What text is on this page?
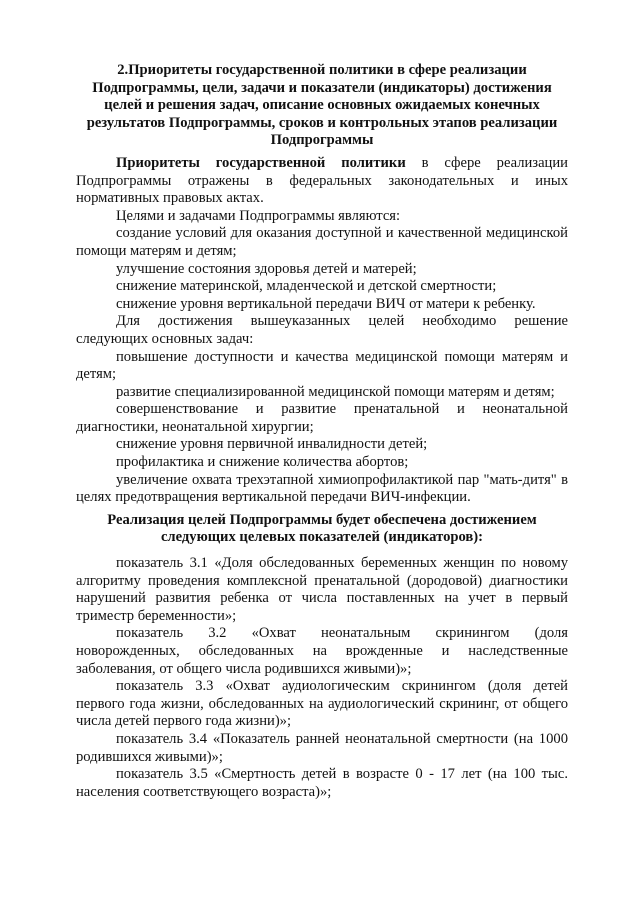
2.Приоритеты государственной политики в сфере реализации Подпрограммы, цели, задачи и показатели (индикаторы) достижения целей и решения задач, описание основных ожидаемых конечных результатов Подпрограммы, сроков и контрольных этапов реализации Подпрограммы

Приоритеты государственной политики в сфере реализации Подпрограммы отражены в федеральных законодательных и иных нормативных правовых актах.

Целями и задачами Подпрограммы являются:

создание условий для оказания доступной и качественной медицинской помощи матерям и детям;

улучшение состояния здоровья детей и матерей;

снижение материнской, младенческой и детской смертности;

снижение уровня вертикальной передачи ВИЧ от матери к ребенку.

Для достижения вышеуказанных целей необходимо решение следующих основных задач:

повышение доступности и качества медицинской помощи матерям и детям;

развитие специализированной медицинской помощи матерям и детям;

совершенствование и развитие пренатальной и неонатальной диагностики, неонатальной хирургии;

снижение уровня первичной инвалидности детей;

профилактика и снижение количества абортов;

увеличение охвата трехэтапной химиопрофилактикой пар "мать-дитя" в целях предотвращения вертикальной передачи ВИЧ-инфекции.

Реализация целей Подпрограммы будет обеспечена достижением следующих целевых показателей (индикаторов):

показатель 3.1 «Доля обследованных беременных женщин по новому алгоритму проведения комплексной пренатальной (дородовой) диагностики нарушений развития ребенка от числа поставленных на учет в первый триместр беременности»;

показатель 3.2 «Охват неонатальным скринингом (доля новорожденных, обследованных на врожденные и наследственные заболевания, от общего числа родившихся живыми)»;

показатель 3.3 «Охват аудиологическим скринингом (доля детей первого года жизни, обследованных на аудиологический скрининг, от общего числа детей первого года жизни)»;

показатель 3.4 «Показатель ранней неонатальной смертности (на 1000 родившихся живыми)»;

показатель 3.5 «Смертность детей в возрасте 0 - 17 лет (на 100 тыс. населения соответствующего возраста)»;
